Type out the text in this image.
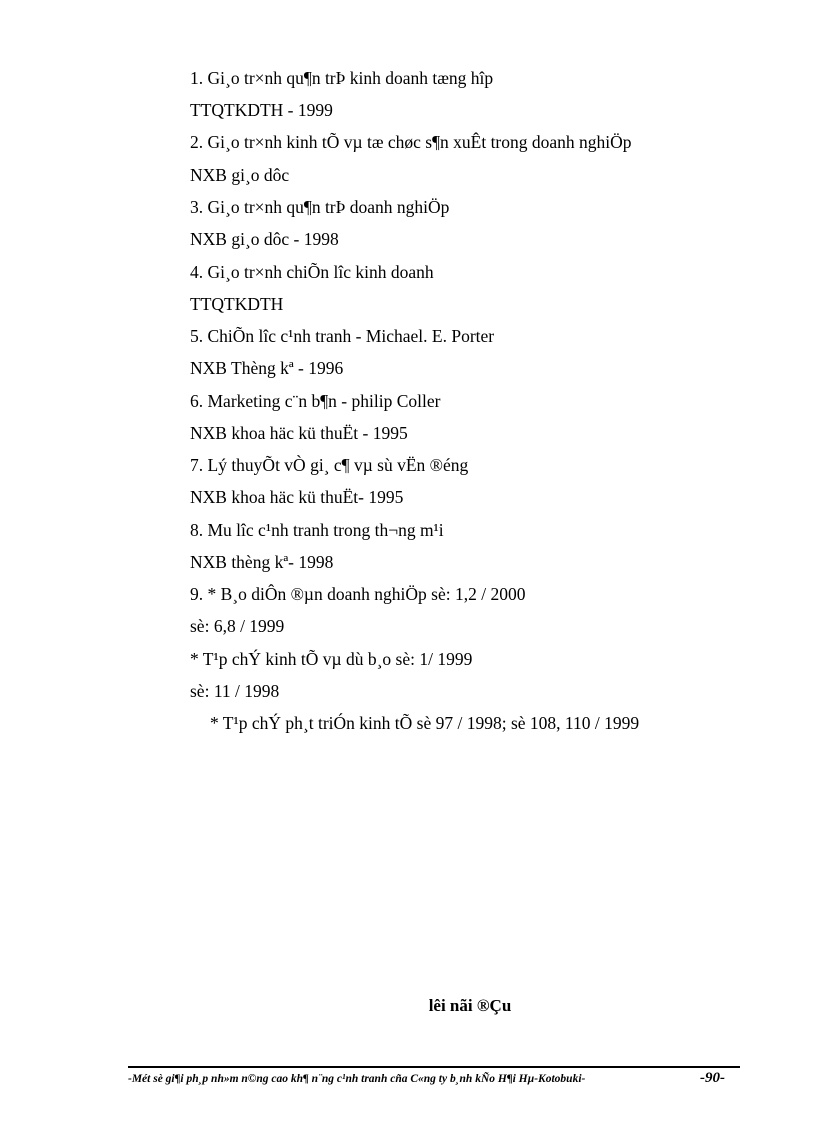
1. Gi¸o tr×nh qu¶n trÞ kinh doanh tæng hîp
TTQTKDTH - 1999
2. Gi¸o tr×nh kinh tÕ vµ tæ chøc s¶n xuÊt trong doanh nghiÖp
NXB gi¸o dôc
3. Gi¸o tr×nh qu¶n trÞ doanh nghiÖp
NXB gi¸o dôc - 1998
4. Gi¸o tr×nh chiÕn lîc kinh doanh
TTQTKDTH
5. ChiÕn lîc c¹nh tranh - Michael. E. Porter
NXB Thèng kª - 1996
6. Marketing c¨n b¶n - philip Coller
NXB khoa häc kü thuËt - 1995
7. Lý thuyÕt vÒ gi¸ c¶ vµ sù vËn ®éng
NXB khoa häc kü thuËt- 1995
8. Mu lîc c¹nh tranh trong th¬ng m¹i
NXB thèng kª- 1998
9. * B¸o diÔn ®µn doanh nghiÖp sè: 1,2 / 2000
sè: 6,8 / 1999
* T¹p chÝ kinh tÕ vµ dù b¸o sè: 1/ 1999
sè: 11 / 1998
* T¹p chÝ ph¸t triÓn kinh tÕ sè 97 / 1998; sè 108, 110 / 1999
lêi nãi ®Çu
-Mét sè gi¶i ph¸p nh»m n©ng cao kh¶ n¨ng c¹nh tranh cña C«ng ty b¸nh kÑo H¶i Hµ-Kotobuki-	-90-
